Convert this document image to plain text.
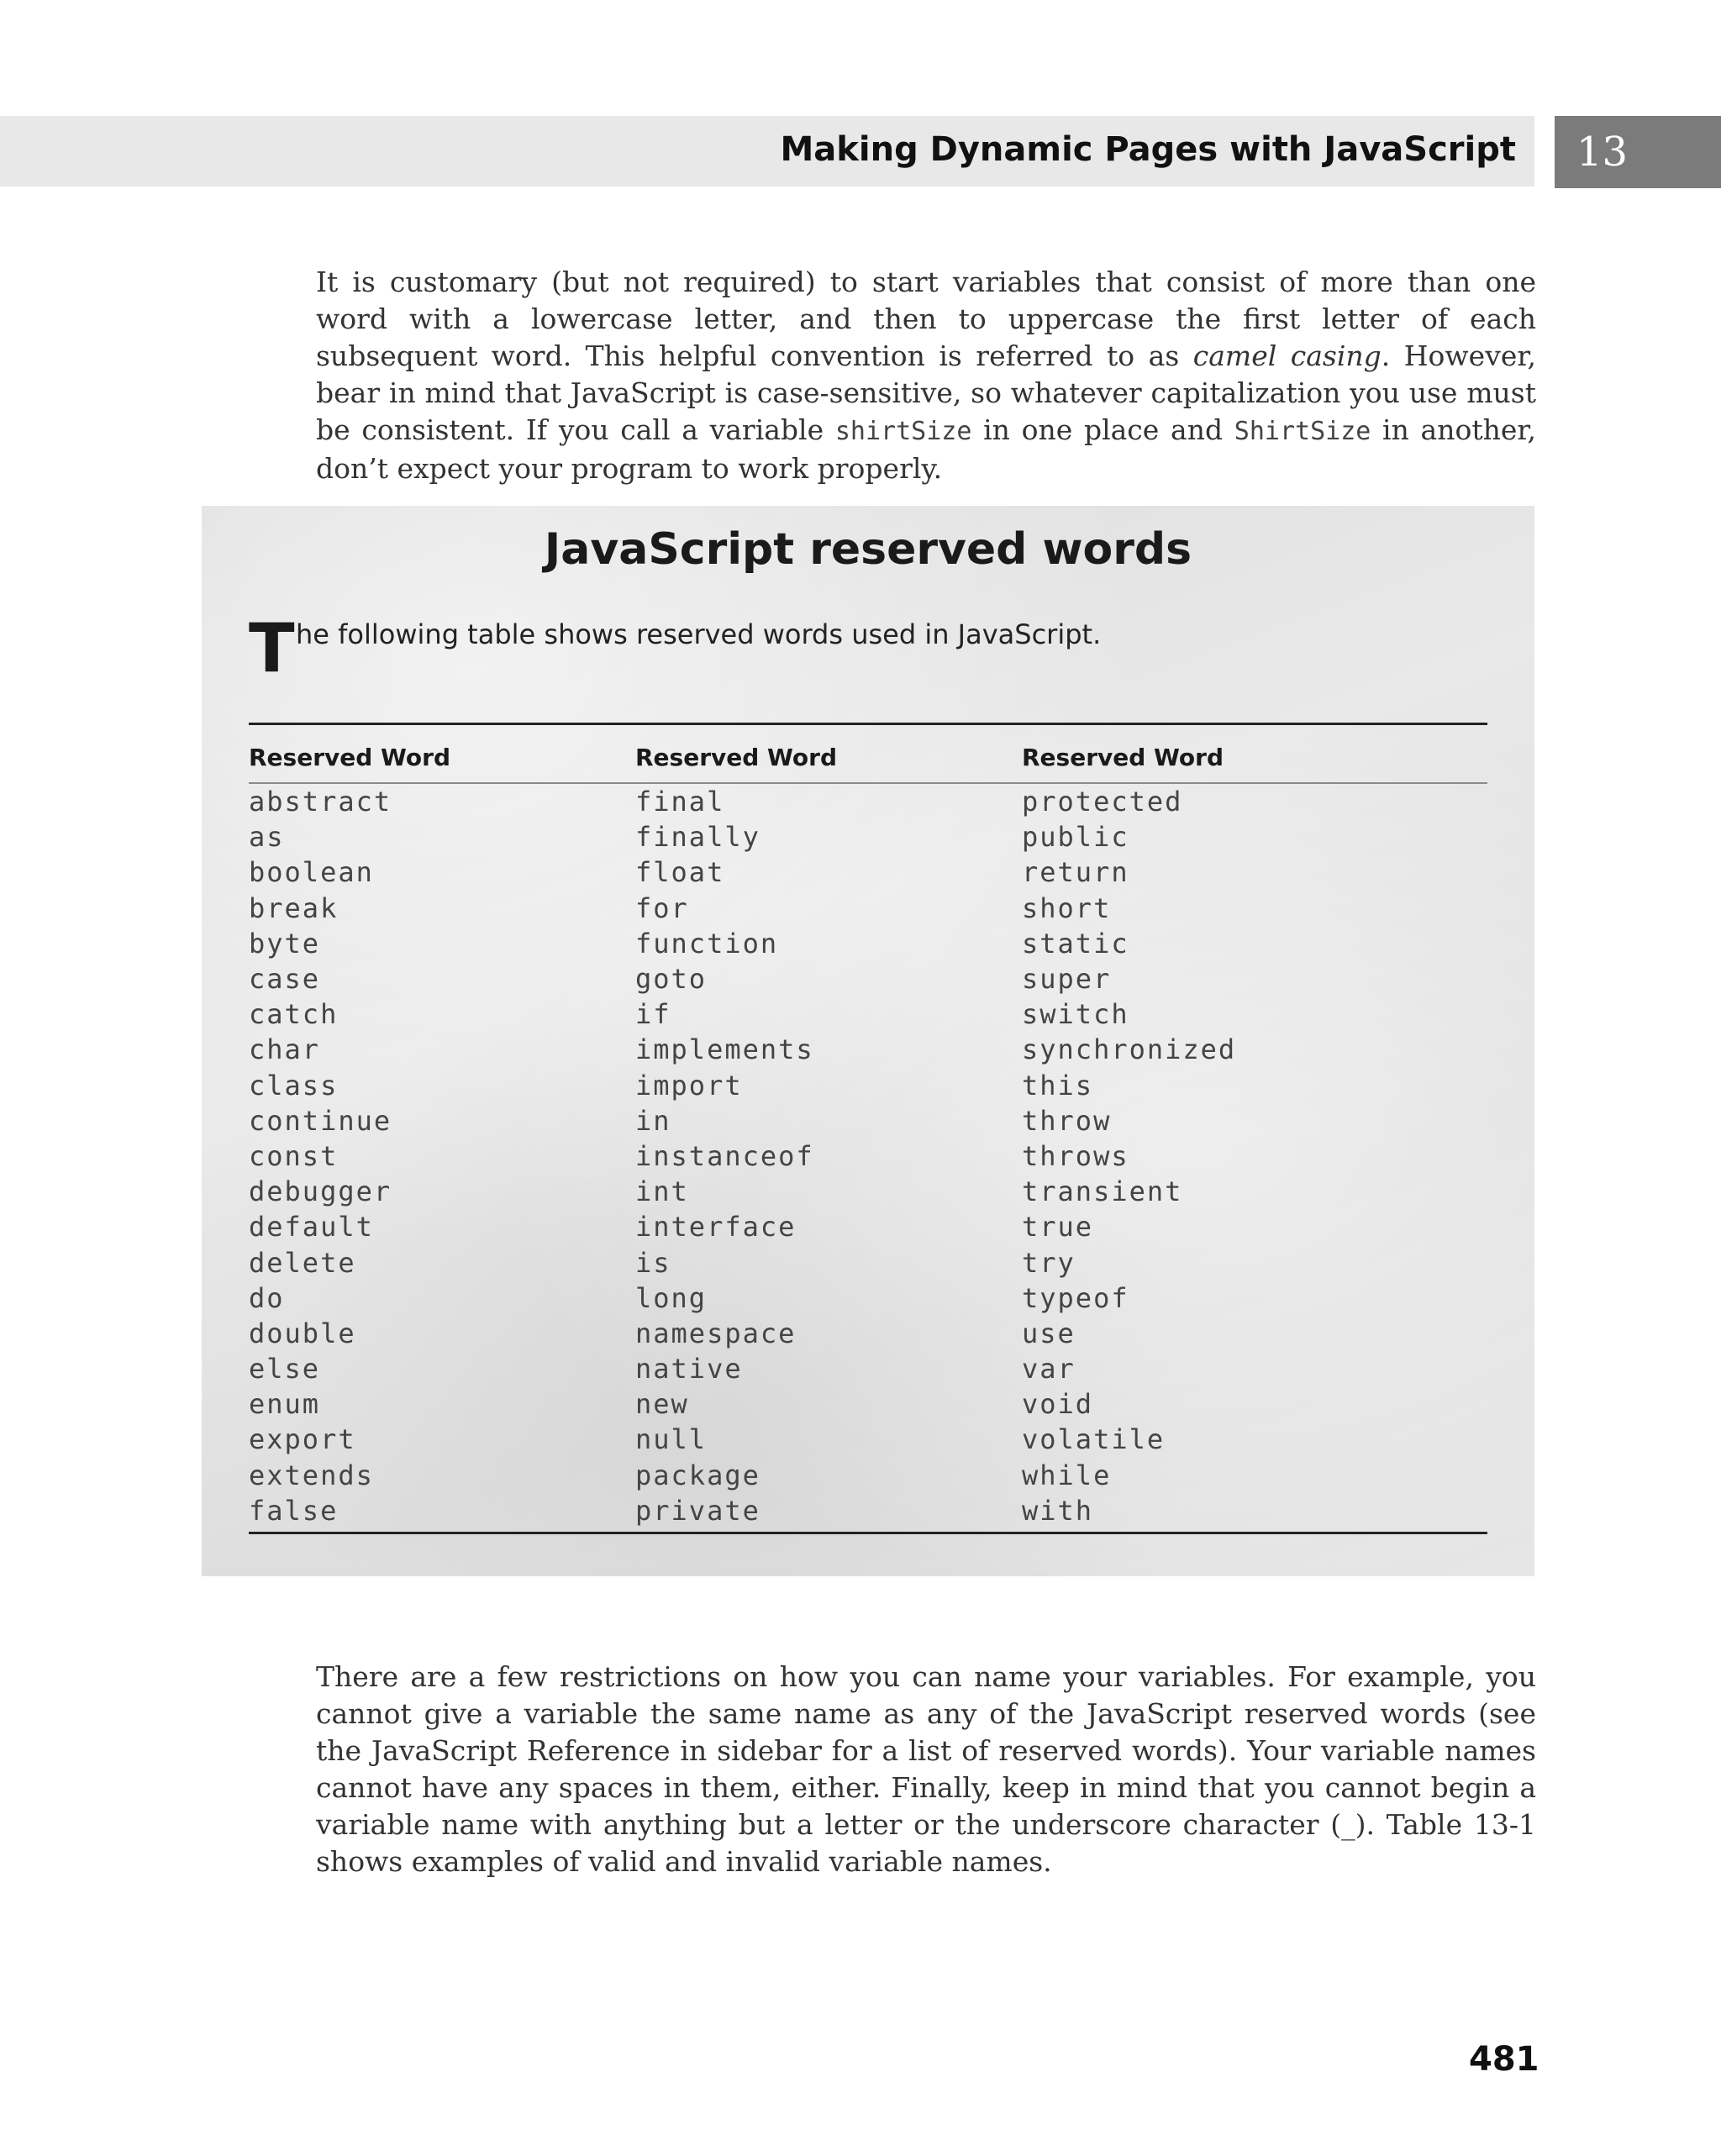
Making Dynamic Pages with JavaScript 13

It is customary (but not required) to start variables that consist of more than one word with a lowercase letter, and then to uppercase the first letter of each subsequent word. This helpful convention is referred to as camel casing. However, bear in mind that JavaScript is case-sensitive, so whatever capitalization you use must be consistent. If you call a variable shirtSize in one place and ShirtSize in another, don’t expect your program to work properly.

JavaScript reserved words
T he following table shows reserved words used in JavaScript.
Reserved Word	Reserved Word	Reserved Word
abstract	final	protected
as	finally	public
boolean	float	return
break	for	short
byte	function	static
case	goto	super
catch	if	switch
char	implements	synchronized
class	import	this
continue	in	throw
const	instanceof	throws
debugger	int	transient
default	interface	true
delete	is	try
do	long	typeof
double	namespace	use
else	native	var
enum	new	void
export	null	volatile
extends	package	while
false	private	with

There are a few restrictions on how you can name your variables. For example, you cannot give a variable the same name as any of the JavaScript reserved words (see the JavaScript Reference in sidebar for a list of reserved words). Your variable names cannot have any spaces in them, either. Finally, keep in mind that you cannot begin a variable name with anything but a letter or the underscore character (_). Table 13-1 shows examples of valid and invalid variable names.

481
